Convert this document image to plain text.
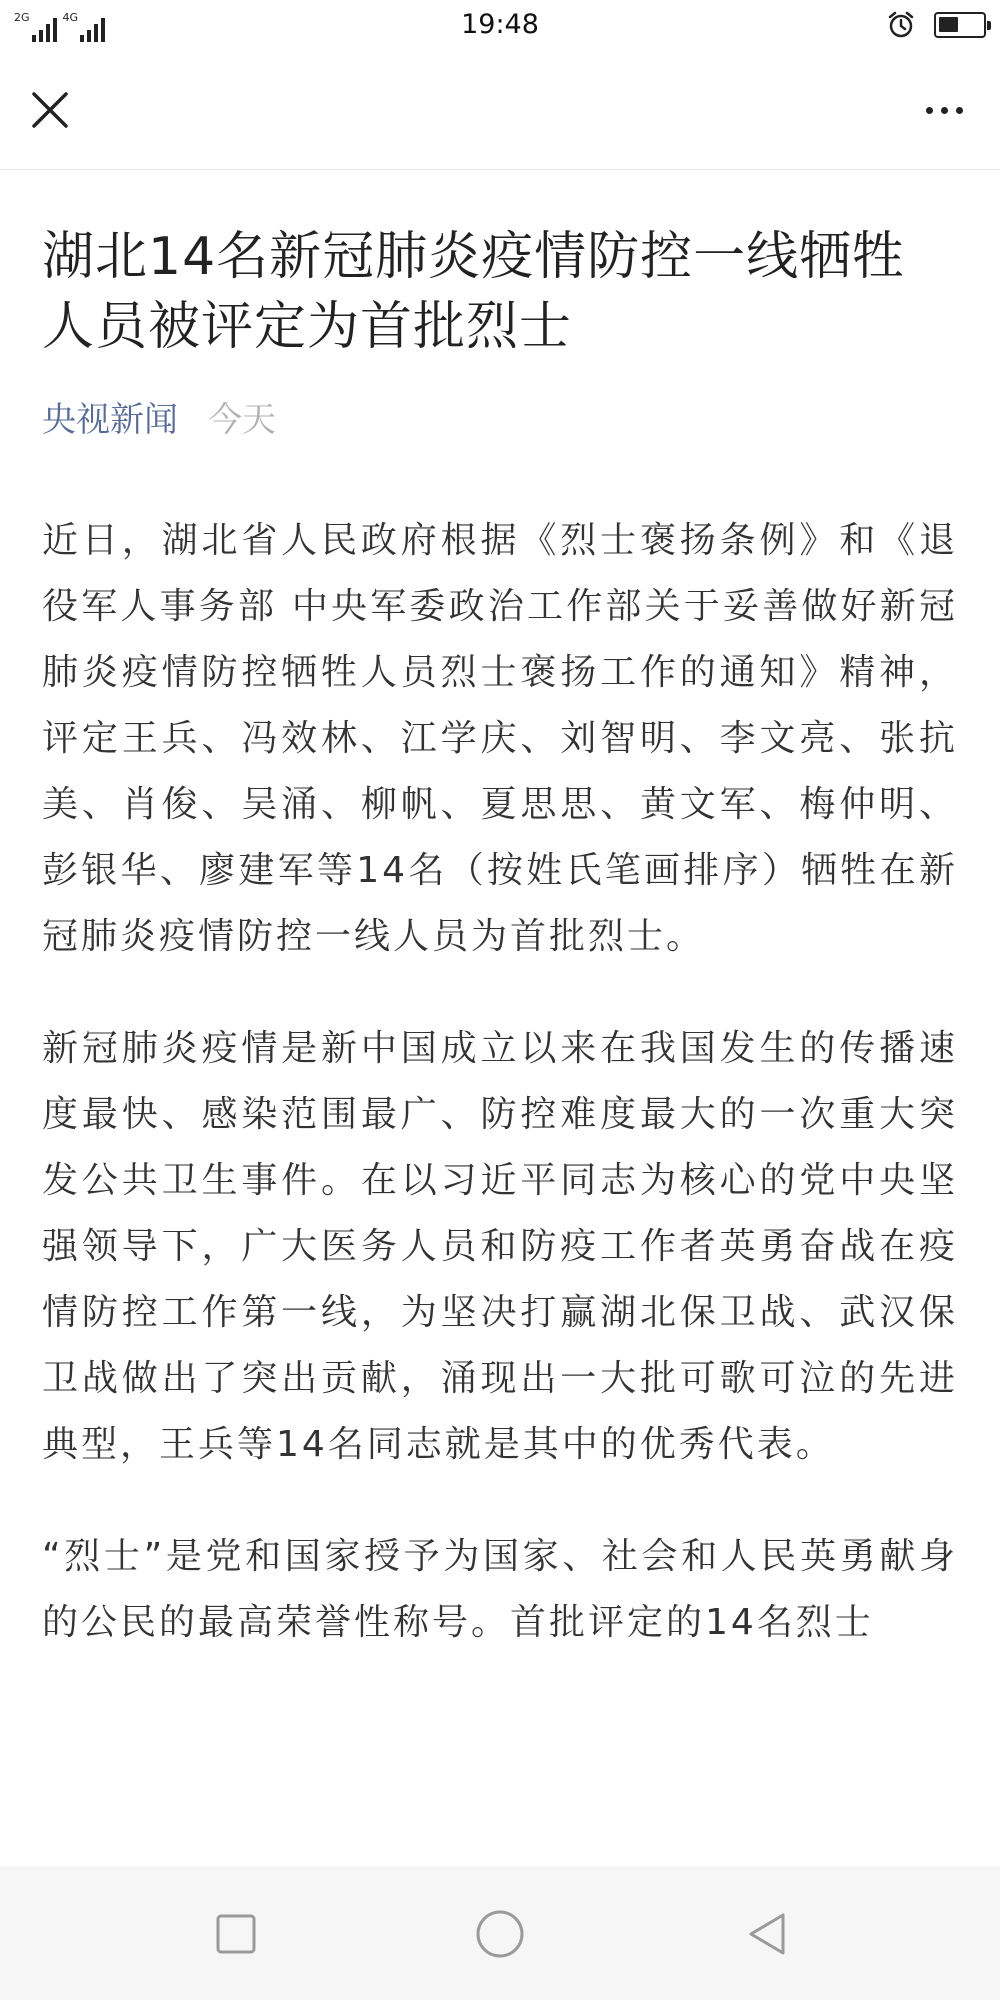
2G	4G	19:48
湖北14名新冠肺炎疫情防控一线牺牲人员被评定为首批烈士
央视新闻 今天

近日，湖北省人民政府根据《烈士褒扬条例》和《退役军人事务部 中央军委政治工作部关于妥善做好新冠肺炎疫情防控牺牲人员烈士褒扬工作的通知》精神，评定王兵、冯效林、江学庆、刘智明、李文亮、张抗美、肖俊、吴涌、柳帆、夏思思、黄文军、梅仲明、彭银华、廖建军等14名（按姓氏笔画排序）牺牲在新冠肺炎疫情防控一线人员为首批烈士。

新冠肺炎疫情是新中国成立以来在我国发生的传播速度最快、感染范围最广、防控难度最大的一次重大突发公共卫生事件。在以习近平同志为核心的党中央坚强领导下，广大医务人员和防疫工作者英勇奋战在疫情防控工作第一线，为坚决打赢湖北保卫战、武汉保卫战做出了突出贡献，涌现出一大批可歌可泣的先进典型，王兵等14名同志就是其中的优秀代表。

“烈士”是党和国家授予为国家、社会和人民英勇献身的公民的最高荣誉性称号。首批评定的14名烈士
